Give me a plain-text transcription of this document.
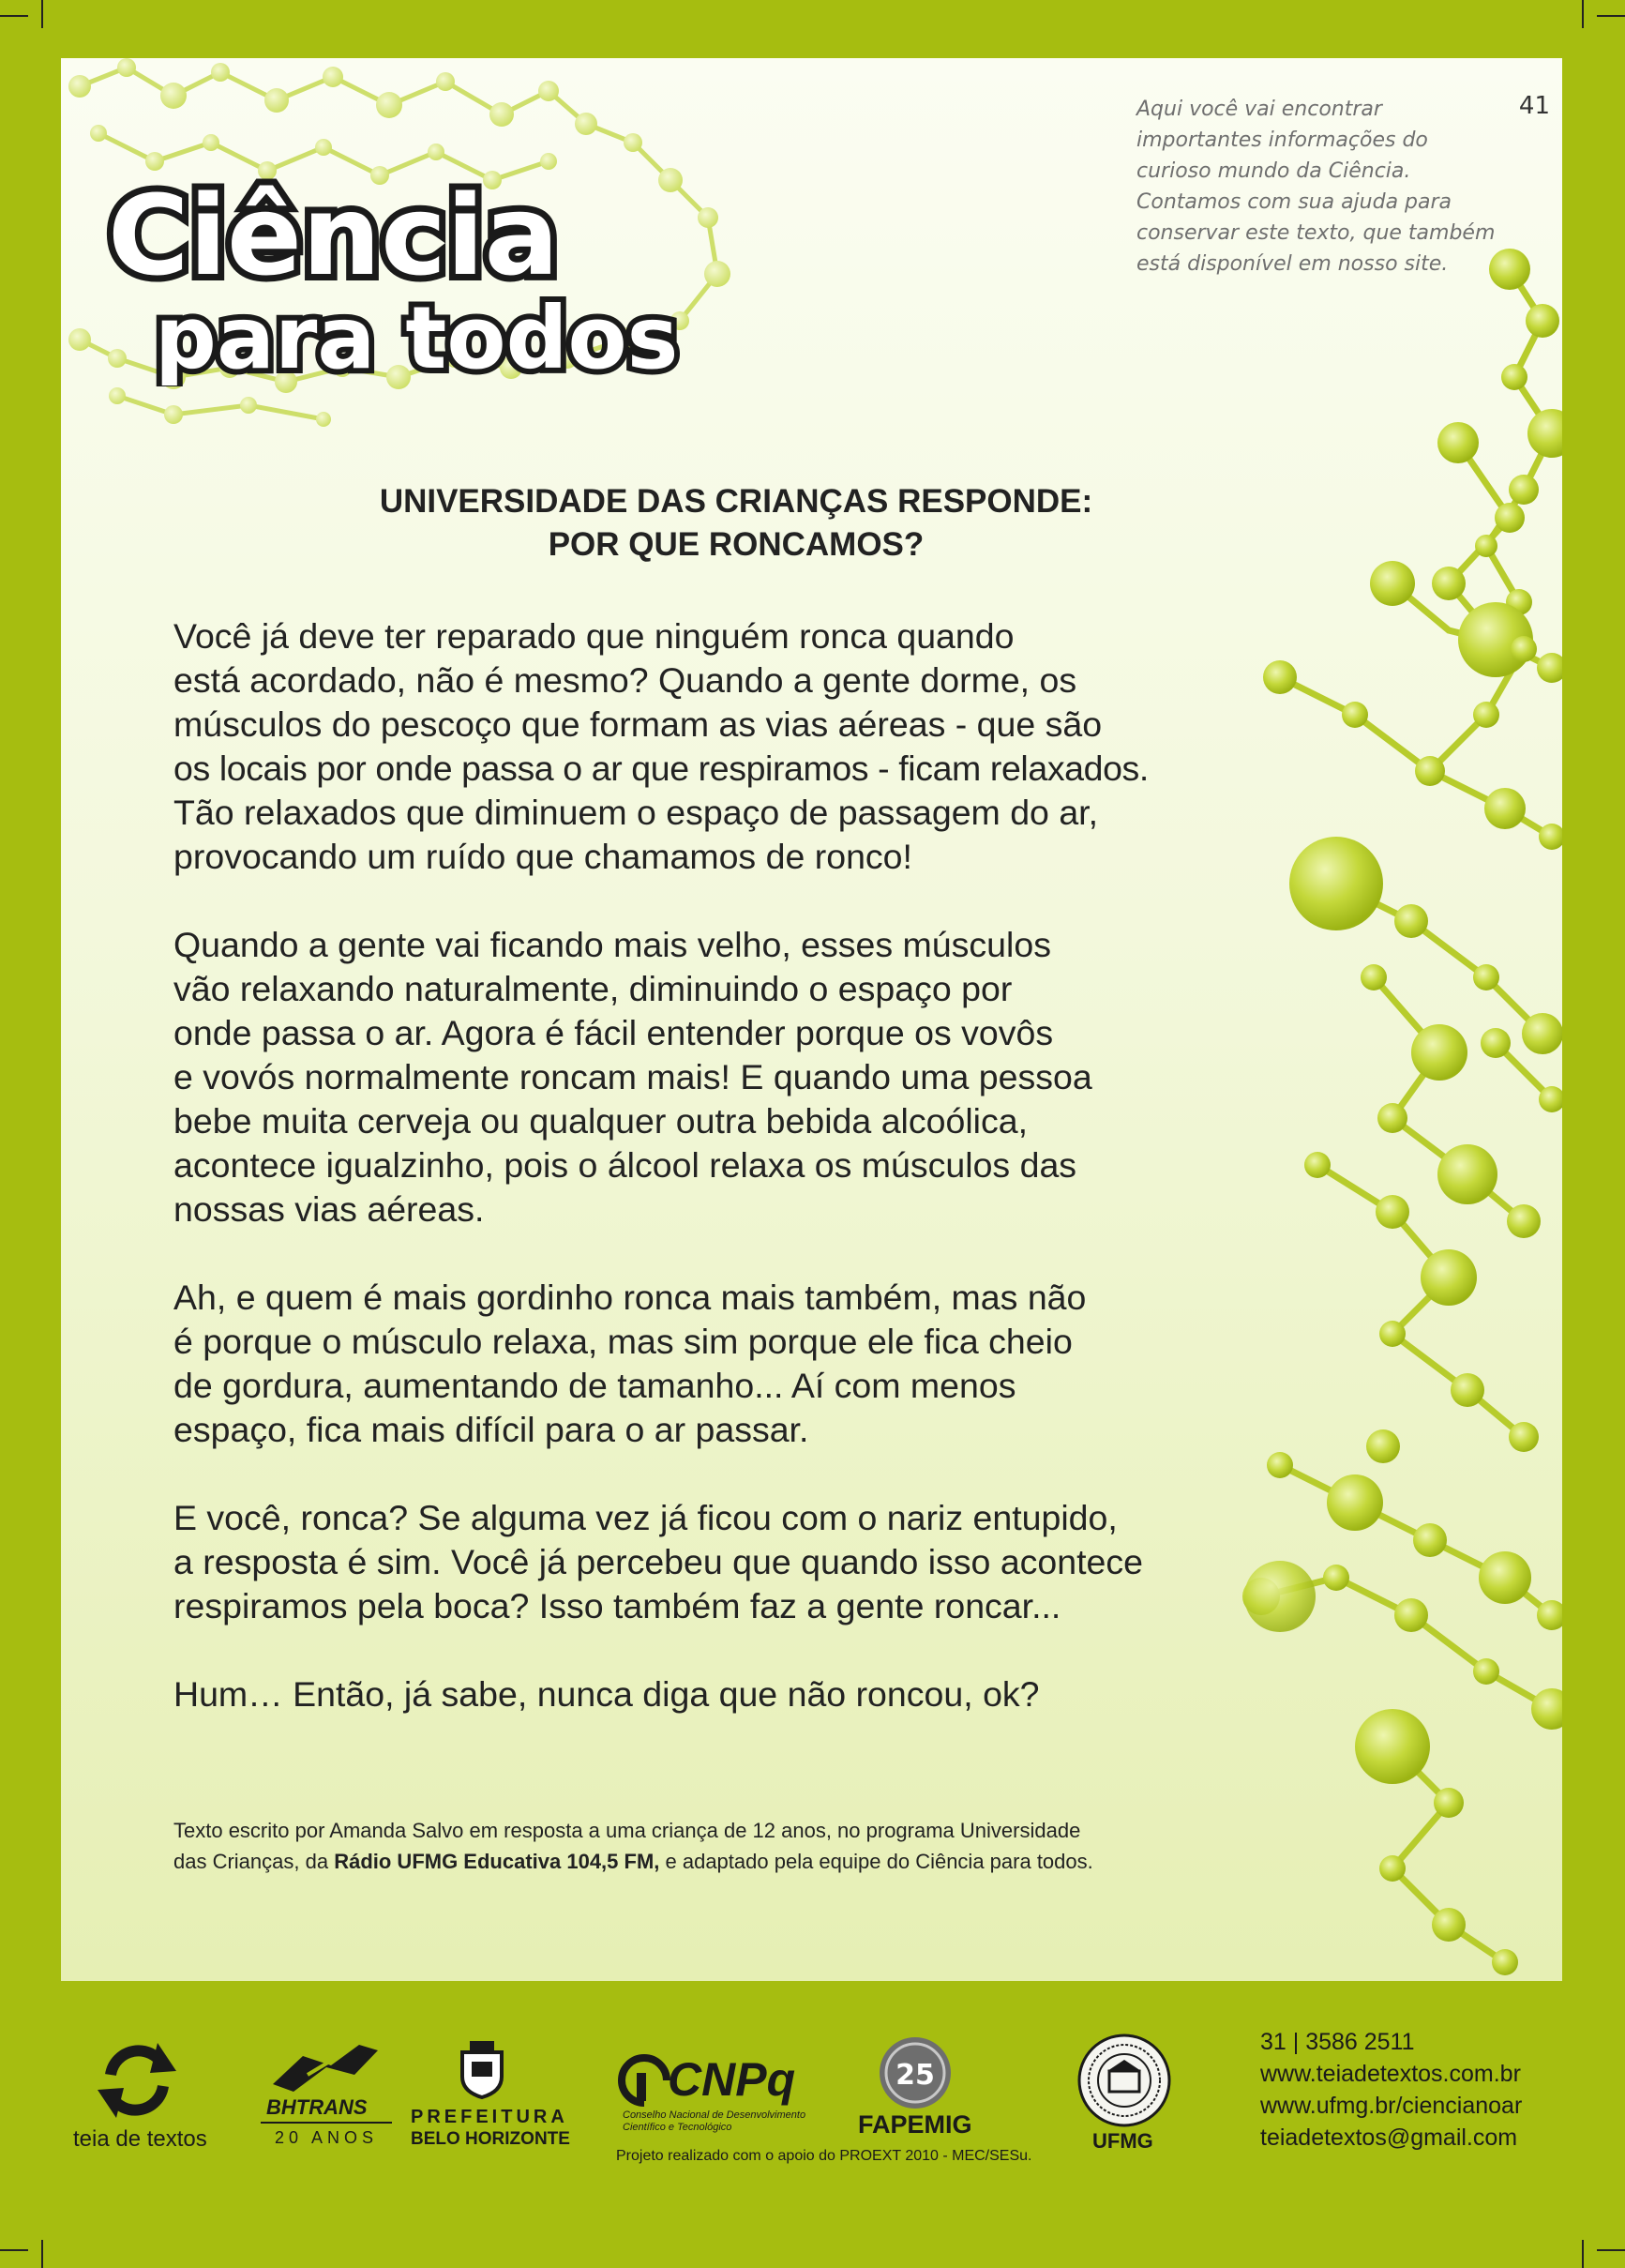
Ciência
para todos

Aqui você vai encontrar
importantes informações do
curioso mundo da Ciência.
Contamos com sua ajuda para
conservar este texto, que também
está disponível em nosso site.

41
UNIVERSIDADE DAS CRIANÇAS RESPONDE:
POR QUE RONCAMOS?

Você já deve ter reparado que ninguém ronca quando
está acordado, não é mesmo? Quando a gente dorme, os
músculos do pescoço que formam as vias aéreas - que são
os locais por onde passa o ar que respiramos - ficam relaxados.
Tão relaxados que diminuem o espaço de passagem do ar,
provocando um ruído que chamamos de ronco!

Quando a gente vai ficando mais velho, esses músculos
vão relaxando naturalmente, diminuindo o espaço por
onde passa o ar. Agora é fácil entender porque os vovôs
e vovós normalmente roncam mais! E quando uma pessoa
bebe muita cerveja ou qualquer outra bebida alcoólica,
acontece igualzinho, pois o álcool relaxa os músculos das
nossas vias aéreas.

Ah, e quem é mais gordinho ronca mais também, mas não
é porque o músculo relaxa, mas sim porque ele fica cheio
de gordura, aumentando de tamanho... Aí com menos
espaço, fica mais difícil para o ar passar.

E você, ronca? Se alguma vez já ficou com o nariz entupido,
a resposta é sim. Você já percebeu que quando isso acontece
respiramos pela boca? Isso também faz a gente roncar...

Hum… Então, já sabe, nunca diga que não roncou, ok?

Texto escrito por Amanda Salvo em resposta a uma criança de 12 anos, no programa Universidade
das Crianças, da Rádio UFMG Educativa 104,5 FM, e adaptado pela equipe do Ciência para todos.

teia de textos
BHTRANS
20 ANOS
PREFEITURA
BELO HORIZONTE
CNPq
Conselho Nacional de Desenvolvimento
Científico e Tecnológico
25
FAPEMIG
Projeto realizado com o apoio do PROEXT 2010 - MEC/SESu.
UFMG

31 | 3586 2511
www.teiadetextos.com.br
www.ufmg.br/ciencianoar
teiadetextos@gmail.com
